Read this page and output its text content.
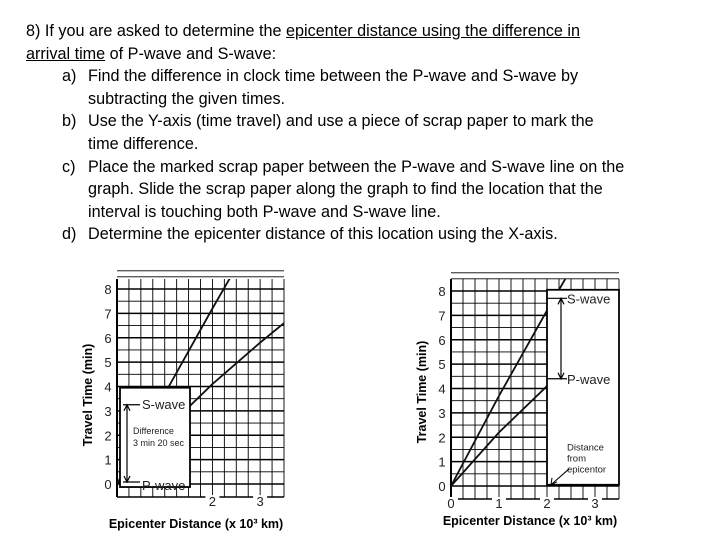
8) If you are asked to determine the epicenter distance using the difference in
arrival time of P-wave and S-wave:
a) Find the difference in clock time between the P-wave and S-wave by
subtracting the given times.
b) Use the Y-axis (time travel) and use a piece of scrap paper to mark the
time difference.
c) Place the marked scrap paper between the P-wave and S-wave line on the
graph. Slide the scrap paper along the graph to find the location that the
interval is touching both P-wave and S-wave line.
d) Determine the epicenter distance of this location using the X-axis.
0
1
2
3
4
5
6
7
8
2	3
Epicenter Distance (x 10³ km)
Travel Time (min)	S-wave
Difference
3 min 20 sec
P-wave	0
1
2
3
4
5
6
7
8
0	1	2	3
Epicenter Distance (x 10³ km)
Travel Time (min)
S-wave
P-wave
Distance
from
epicentor
